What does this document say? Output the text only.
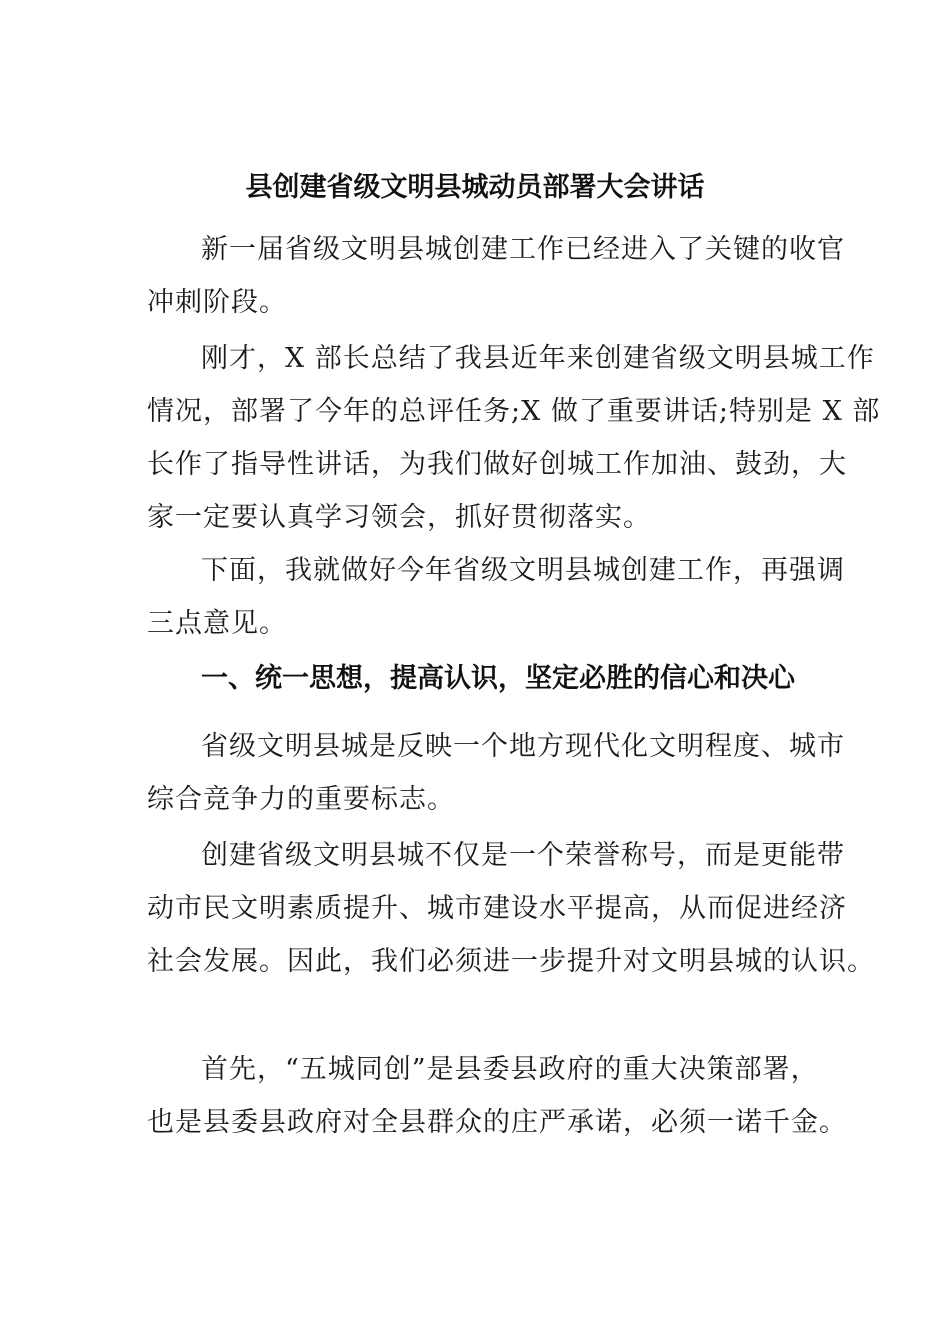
县创建省级文明县城动员部署大会讲话

新一届省级文明县城创建工作已经进入了关键的收官
冲刺阶段。

刚才，X 部长总结了我县近年来创建省级文明县城工作
情况，部署了今年的总评任务;X 做了重要讲话;特别是 X 部
长作了指导性讲话，为我们做好创城工作加油、鼓劲，大
家一定要认真学习领会，抓好贯彻落实。

下面，我就做好今年省级文明县城创建工作，再强调
三点意见。

一、统一思想，提高认识，坚定必胜的信心和决心

省级文明县城是反映一个地方现代化文明程度、城市
综合竞争力的重要标志。

创建省级文明县城不仅是一个荣誉称号，而是更能带
动市民文明素质提升、城市建设水平提高，从而促进经济
社会发展。因此，我们必须进一步提升对文明县城的认识。

首先，“五城同创”是县委县政府的重大决策部署，
也是县委县政府对全县群众的庄严承诺，必须一诺千金。
